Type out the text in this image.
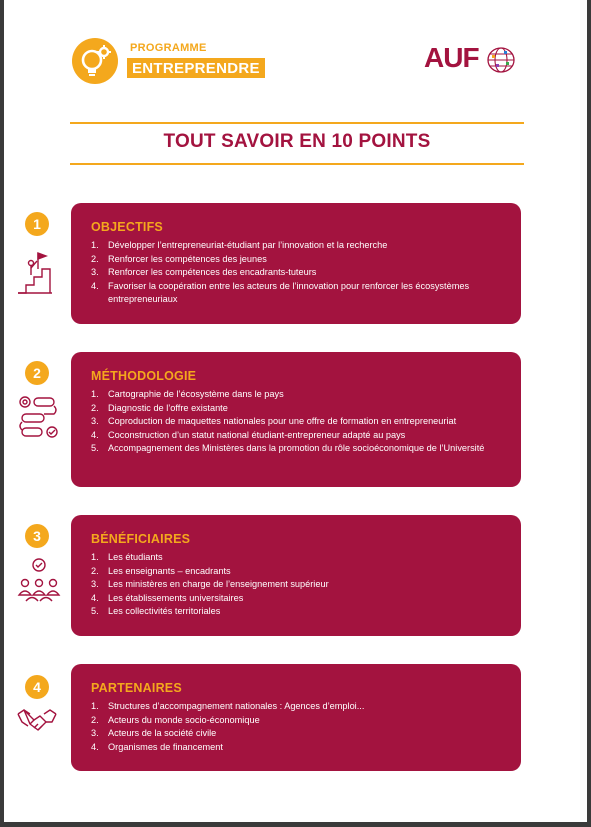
PROGRAMME
ENTREPRENDRE	AUF
TOUT SAVOIR EN 10 POINTS
1	OBJECTIFS
1. Développer l’entrepreneuriat-étudiant par l’innovation et la recherche
2. Renforcer les compétences des jeunes
3. Renforcer les compétences des encadrants-tuteurs
4. Favoriser la coopération entre les acteurs de l’innovation pour renforcer les écosystèmes entrepreneuriaux
2	MÉTHODOLOGIE
1. Cartographie de l’écosystème dans le pays
2. Diagnostic de l’offre existante
3. Coproduction de maquettes nationales pour une offre de formation en entrepreneuriat
4. Coconstruction d’un statut national étudiant-entrepreneur adapté au pays
5. Accompagnement des Ministères dans la promotion du rôle socioéconomique de l’Université
3	BÉNÉFICIAIRES
1. Les étudiants
2. Les enseignants – encadrants
3. Les ministères en charge de l’enseignement supérieur
4. Les établissements universitaires
5. Les collectivités territoriales
4	PARTENAIRES
1. Structures d’accompagnement nationales : Agences d’emploi...
2. Acteurs du monde socio-économique
3. Acteurs de la société civile
4. Organismes de financement
